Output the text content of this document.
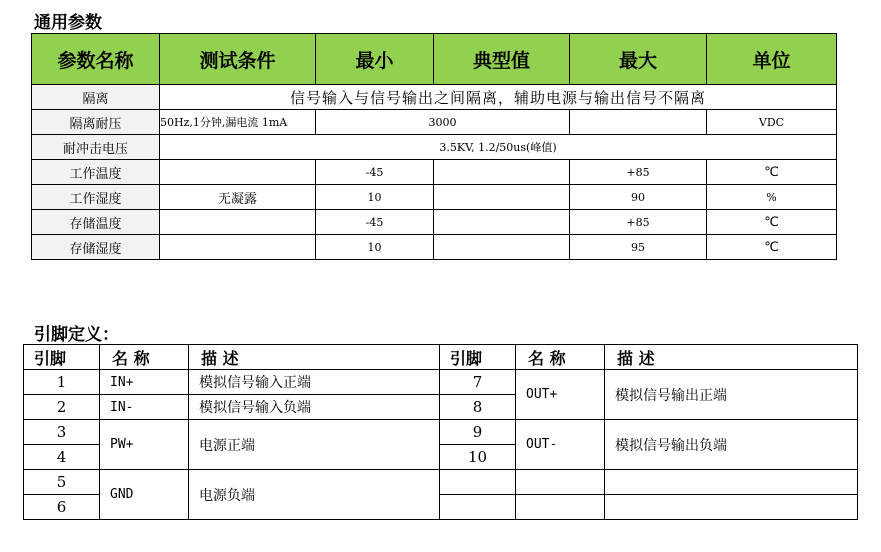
通用参数
参数名称	测试条件	最小	典型值	最大	单位
隔离	信号输入与信号输出之间隔离，辅助电源与输出信号不隔离				
隔离耐压	50Hz,1分钟,漏电流 1mA	3000			VDC
耐冲击电压	3.5KV, 1.2/50us(峰值)				
工作温度		-45		+85	℃
工作湿度	无凝露	10		90	%
存储温度		-45		+85	℃
存储湿度		10		95	℃
引脚定义：
引脚	名 称	描 述	引脚	名 称	描 述
1	IN+	模拟信号输入正端	7	OUT+	模拟信号输出正端
2	IN-	模拟信号输入负端	8		
3	PW+	电源正端	9	OUT-	模拟信号输出负端
4			10		
5	GND	电源负端			
6					
